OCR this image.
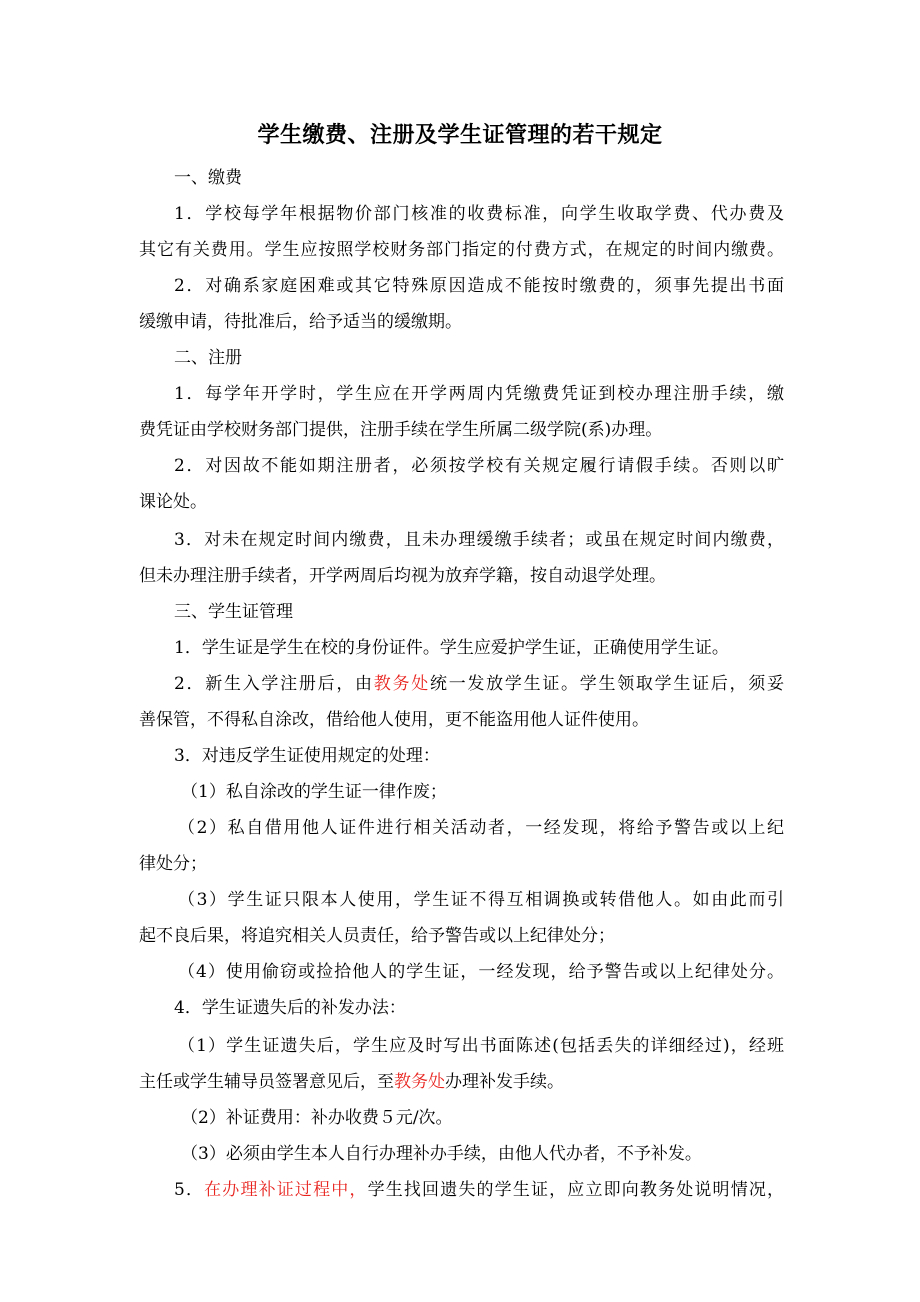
学生缴费、注册及学生证管理的若干规定
一、缴费
1．学校每学年根据物价部门核准的收费标准，向学生收取学费、代办费及
其它有关费用。学生应按照学校财务部门指定的付费方式，在规定的时间内缴费。
2．对确系家庭困难或其它特殊原因造成不能按时缴费的，须事先提出书面
缓缴申请，待批准后，给予适当的缓缴期。
二、注册
1．每学年开学时，学生应在开学两周内凭缴费凭证到校办理注册手续，缴
费凭证由学校财务部门提供，注册手续在学生所属二级学院(系)办理。
2．对因故不能如期注册者，必须按学校有关规定履行请假手续。否则以旷
课论处。
3．对未在规定时间内缴费，且未办理缓缴手续者；或虽在规定时间内缴费，
但未办理注册手续者，开学两周后均视为放弃学籍，按自动退学处理。
三、学生证管理
1．学生证是学生在校的身份证件。学生应爱护学生证，正确使用学生证。
2．新生入学注册后，由教务处统一发放学生证。学生领取学生证后，须妥
善保管，不得私自涂改，借给他人使用，更不能盗用他人证件使用。
3．对违反学生证使用规定的处理：
（1）私自涂改的学生证一律作废；
（2）私自借用他人证件进行相关活动者，一经发现，将给予警告或以上纪
律处分；
（3）学生证只限本人使用，学生证不得互相调换或转借他人。如由此而引
起不良后果，将追究相关人员责任，给予警告或以上纪律处分；
（4）使用偷窃或捡拾他人的学生证，一经发现，给予警告或以上纪律处分。
4．学生证遗失后的补发办法：
（1）学生证遗失后，学生应及时写出书面陈述(包括丢失的详细经过)，经班
主任或学生辅导员签署意见后，至教务处办理补发手续。
（2）补证费用：补办收费５元/次。
（3）必须由学生本人自行办理补办手续，由他人代办者，不予补发。
5．在办理补证过程中，学生找回遗失的学生证，应立即向教务处说明情况，
